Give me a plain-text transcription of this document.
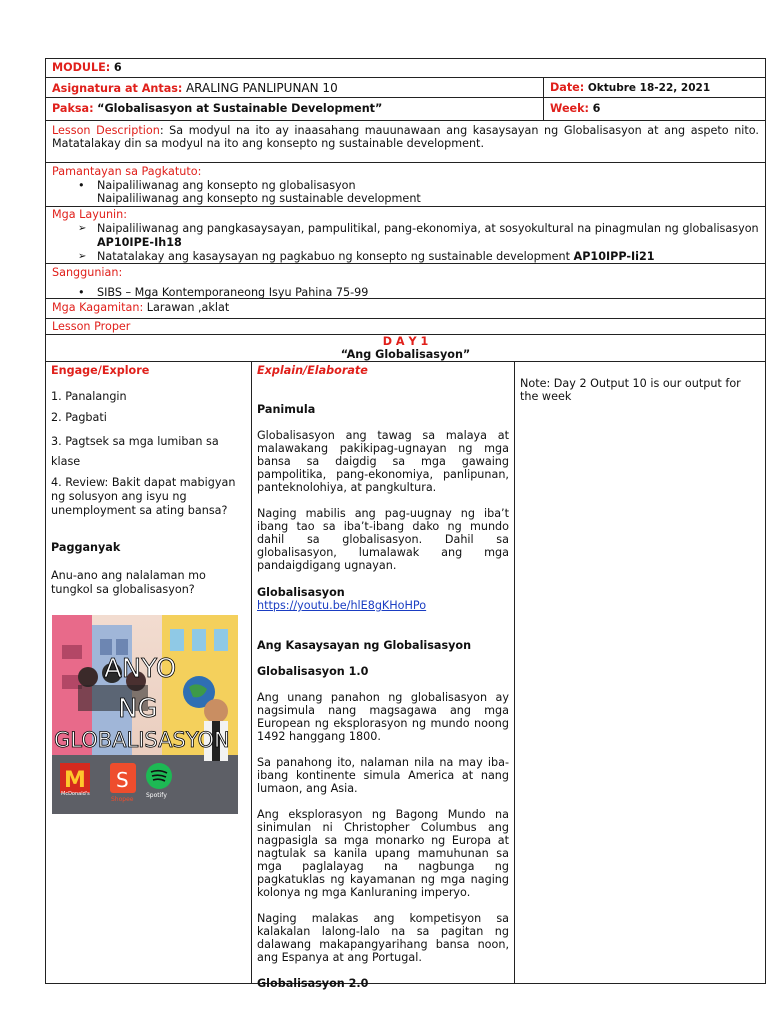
MODULE: 6
Asignatura at Antas: ARALING PANLIPUNAN 10	Date: Oktubre 18-22, 2021
Paksa: “Globalisasyon at Sustainable Development”	Week: 6
Lesson Description: Sa modyul na ito ay inaasahang mauunawaan ang kasaysayan ng Globalisasyon at ang aspeto nito. Matatalakay din sa modyul na ito ang konsepto ng sustainable development.
Pamantayan sa Pagkatuto:
• Naipaliliwanag ang konsepto ng globalisasyon
Naipaliliwanag ang konsepto ng sustainable development
Mga Layunin:
➢ Naipaliliwanag ang pangkasaysayan, pampulitikal, pang-ekonomiya, at sosyokultural na pinagmulan ng globalisasyon AP10IPE-Ih18
➢ Natatalakay ang kasaysayan ng pagkabuo ng konsepto ng sustainable development AP10IPP-Ii21
Sanggunian:
• SIBS – Mga Kontemporaneong Isyu Pahina 75-99
Mga Kagamitan: Larawan ,aklat
Lesson Proper
D A Y 1
“Ang Globalisasyon”
Engage/Explore

1. Panalangin

2. Pagbati

3. Pagtsek sa mga lumiban sa klase

4. Review: Bakit dapat mabigyan ng solusyon ang isyu ng unemployment sa ating bansa?

Pagganyak

Anu-ano ang nalalaman mo tungkol sa globalisasyon?

ANYO
NG
GLOBALISASYON
M
McDonald's
S
Shopee
Spotify
Explain/Elaborate

Panimula

Globalisasyon ang tawag sa malaya at malawakang pakikipag-ugnayan ng mga bansa sa daigdig sa mga gawaing pampolitika, pang-ekonomiya, panlipunan, panteknolohiya, at pangkultura.

Naging mabilis ang pag-uugnay ng iba’t ibang tao sa iba’t-ibang dako ng mundo dahil sa globalisasyon. Dahil sa globalisasyon, lumalawak ang mga pandaigdigang ugnayan.

Globalisasyon

https://youtu.be/hlE8gKHoHPo

Ang Kasaysayan ng Globalisasyon

Globalisasyon 1.0

Ang unang panahon ng globalisasyon ay nagsimula nang magsagawa ang mga European ng eksplorasyon ng mundo noong 1492 hanggang 1800.

Sa panahong ito, nalaman nila na may iba-ibang kontinente simula America at nang lumaon, ang Asia.

Ang eksplorasyon ng Bagong Mundo na sinimulan ni Christopher Columbus ang nagpasigla sa mga monarko ng Europa at nagtulak sa kanila upang mamuhunan sa mga paglalayag na nagbunga ng pagkatuklas ng kayamanan ng mga naging kolonya ng mga Kanluraning imperyo.

Naging malakas ang kompetisyon sa kalakalan lalong-lalo na sa pagitan ng dalawang makapangyarihang bansa noon, ang Espanya at ang Portugal.

Globalisasyon 2.0

Note: Day 2 Output 10 is our output for the week
